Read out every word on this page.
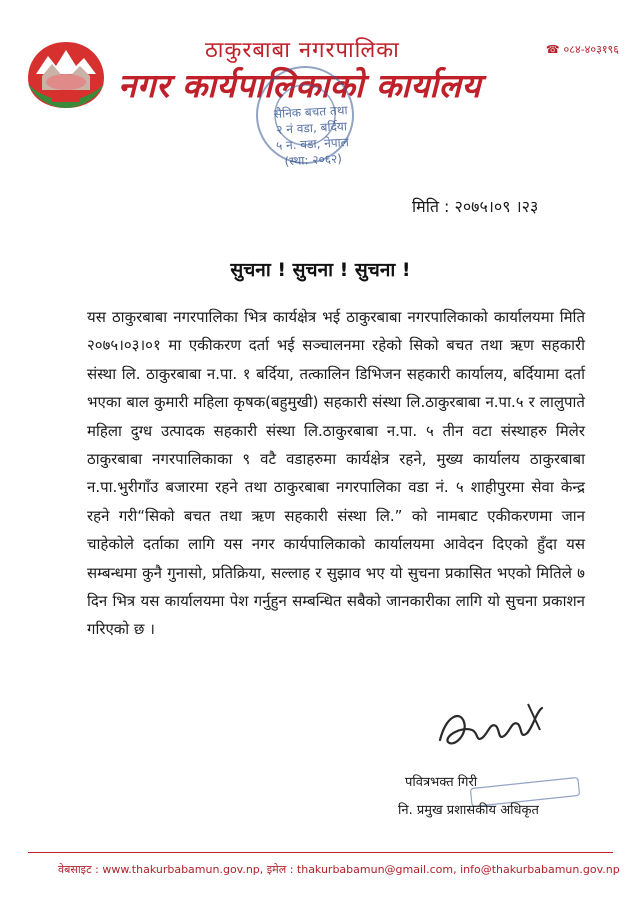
☎ ०८४-४०३१९६
ठाकुरबाबा नगरपालिका
नगर कार्यपालिकाको कार्यालय
सैनिक बचत तथा
२ नं वडा, बर्दिया
५ न. वडा, नेपाल
(स्था: २०६२)
मिति : २०७५।०९ ।२३
सुचना ! सुचना ! सुचना !
यस ठाकुरबाबा नगरपालिका भित्र कार्यक्षेत्र भई ठाकुरबाबा नगरपालिकाको कार्यालयमा मिति २०७५।०३।०१ मा एकीकरण दर्ता भई सञ्चालनमा रहेको सिको बचत तथा ऋण सहकारी संस्था लि. ठाकुरबाबा न.पा. १ बर्दिया, तत्कालिन डिभिजन सहकारी कार्यालय, बर्दियामा दर्ता भएका बाल कुमारी महिला कृषक(बहुमुखी) सहकारी संस्था लि.ठाकुरबाबा न.पा.५ र लालुपाते महिला दुग्ध उत्पादक सहकारी संस्था लि.ठाकुरबाबा न.पा. ५ तीन वटा संस्थाहरु मिलेर ठाकुरबाबा नगरपालिकाका ९ वटै वडाहरुमा कार्यक्षेत्र रहने, मुख्य कार्यालय ठाकुरबाबा न.पा.भुरीगाँउ बजारमा रहने तथा ठाकुरबाबा नगरपालिका वडा नं. ५ शाहीपुरमा सेवा केन्द्र रहने गरी“सिको बचत तथा ऋण सहकारी संस्था लि.” को नामबाट एकीकरणमा जान चाहेकोले दर्ताका लागि यस नगर कार्यपालिकाको कार्यालयमा आवेदन दिएको हुँदा यस सम्बन्धमा कुनै गुनासो, प्रतिक्रिया, सल्लाह र सुझाव भए यो सुचना प्रकासित भएको मितिले ७ दिन भित्र यस कार्यालयमा पेश गर्नुहुन सम्बन्धित सबैको जानकारीका लागि यो सुचना प्रकाशन गरिएको छ ।
पवित्रभक्त गिरी
नि. प्रमुख प्रशासकीय अधिकृत
वेबसाइट : www.thakurbabamun.gov.np, इमेल : thakurbabamun@gmail.com, info@thakurbabamun.gov.np
